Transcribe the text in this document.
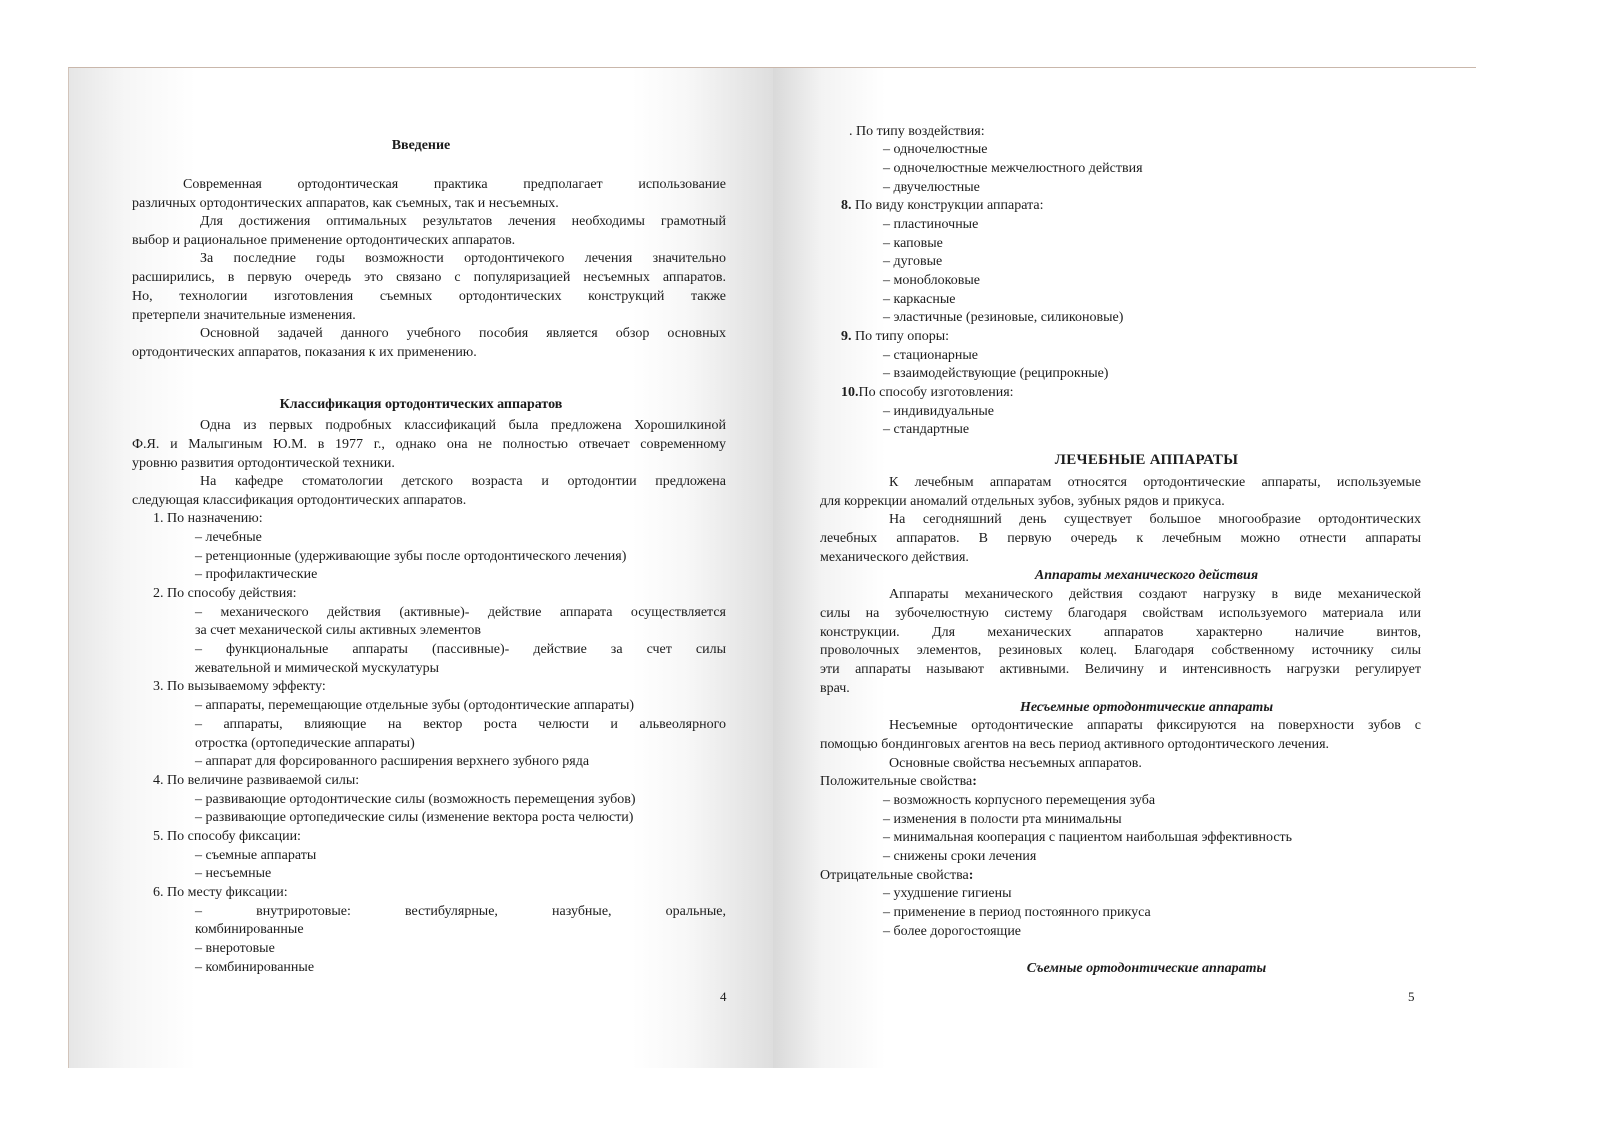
Введение
Современная ортодонтическая практика предполагает использование
различных ортодонтических аппаратов, как съемных, так и несъемных.
Для достижения оптимальных результатов лечения необходимы грамотный
выбор и рациональное применение ортодонтических аппаратов.
За последние годы возможности ортодонтичекого лечения значительно
расширились, в первую очередь это связано с популяризацией несъемных аппаратов.
Но, технологии изготовления съемных ортодонтических конструкций также
претерпели значительные изменения.
Основной задачей данного учебного пособия является обзор основных
ортодонтических аппаратов, показания к их применению.
Классификация ортодонтических аппаратов
Одна из первых подробных классификаций была предложена Хорошилкиной
Ф.Я. и Малыгиным Ю.М. в 1977 г., однако она не полностью отвечает современному
уровню развития ортодонтической техники.
На кафедре стоматологии детского возраста и ортодонтии предложена
следующая классификация ортодонтических аппаратов.
1. По назначению:
– лечебные
– ретенционные (удерживающие зубы после ортодонтического лечения)
– профилактические
2. По способу действия:
– механического действия (активные)- действие аппарата осуществляется
за счет механической силы активных элементов
– функциональные аппараты (пассивные)- действие за счет силы
жевательной и мимической мускулатуры
3. По вызываемому эффекту:
– аппараты, перемещающие отдельные зубы (ортодонтические аппараты)
– аппараты, влияющие на вектор роста челюсти и альвеолярного
отростка (ортопедические аппараты)
– аппарат для форсированного расширения верхнего зубного ряда
4. По величине развиваемой силы:
– развивающие ортодонтические силы (возможность перемещения зубов)
– развивающие ортопедические силы (изменение вектора роста челюсти)
5. По способу фиксации:
– съемные аппараты
– несъемные
6. По месту фиксации:
– внутриротовые: вестибулярные, назубные, оральные,
комбинированные
– внеротовые
– комбинированные
4
. По типу воздействия:
– одночелюстные
– одночелюстные межчелюстного действия
– двучелюстные
8. По виду конструкции аппарата:
– пластиночные
– каповые
– дуговые
– моноблоковые
– каркасные
– эластичные (резиновые, силиконовые)
9. По типу опоры:
– стационарные
– взаимодействующие (реципрокные)
10.По способу изготовления:
– индивидуальные
– стандартные
ЛЕЧЕБНЫЕ АППАРАТЫ
К лечебным аппаратам относятся ортодонтические аппараты, используемые
для коррекции аномалий отдельных зубов, зубных рядов и прикуса.
На сегодняшний день существует большое многообразие ортодонтических
лечебных аппаратов. В первую очередь к лечебным можно отнести аппараты
механического действия.
Аппараты механического действия
Аппараты механического действия создают нагрузку в виде механической
силы на зубочелюстную систему благодаря свойствам используемого материала или
конструкции. Для механических аппаратов характерно наличие винтов,
проволочных элементов, резиновых колец. Благодаря собственному источнику силы
эти аппараты называют активными. Величину и интенсивность нагрузки регулирует
врач.
Несъемные ортодонтические аппараты
Несъемные ортодонтические аппараты фиксируются на поверхности зубов с
помощью бондинговых агентов на весь период активного ортодонтического лечения.
Основные свойства несъемных аппаратов.
Положительные свойства:
– возможность корпусного перемещения зуба
– изменения в полости рта минимальны
– минимальная кооперация с пациентом наибольшая эффективность
– снижены сроки лечения
Отрицательные свойства:
– ухудшение гигиены
– применение в период постоянного прикуса
– более дорогостоящие
Съемные ортодонтические аппараты
5
